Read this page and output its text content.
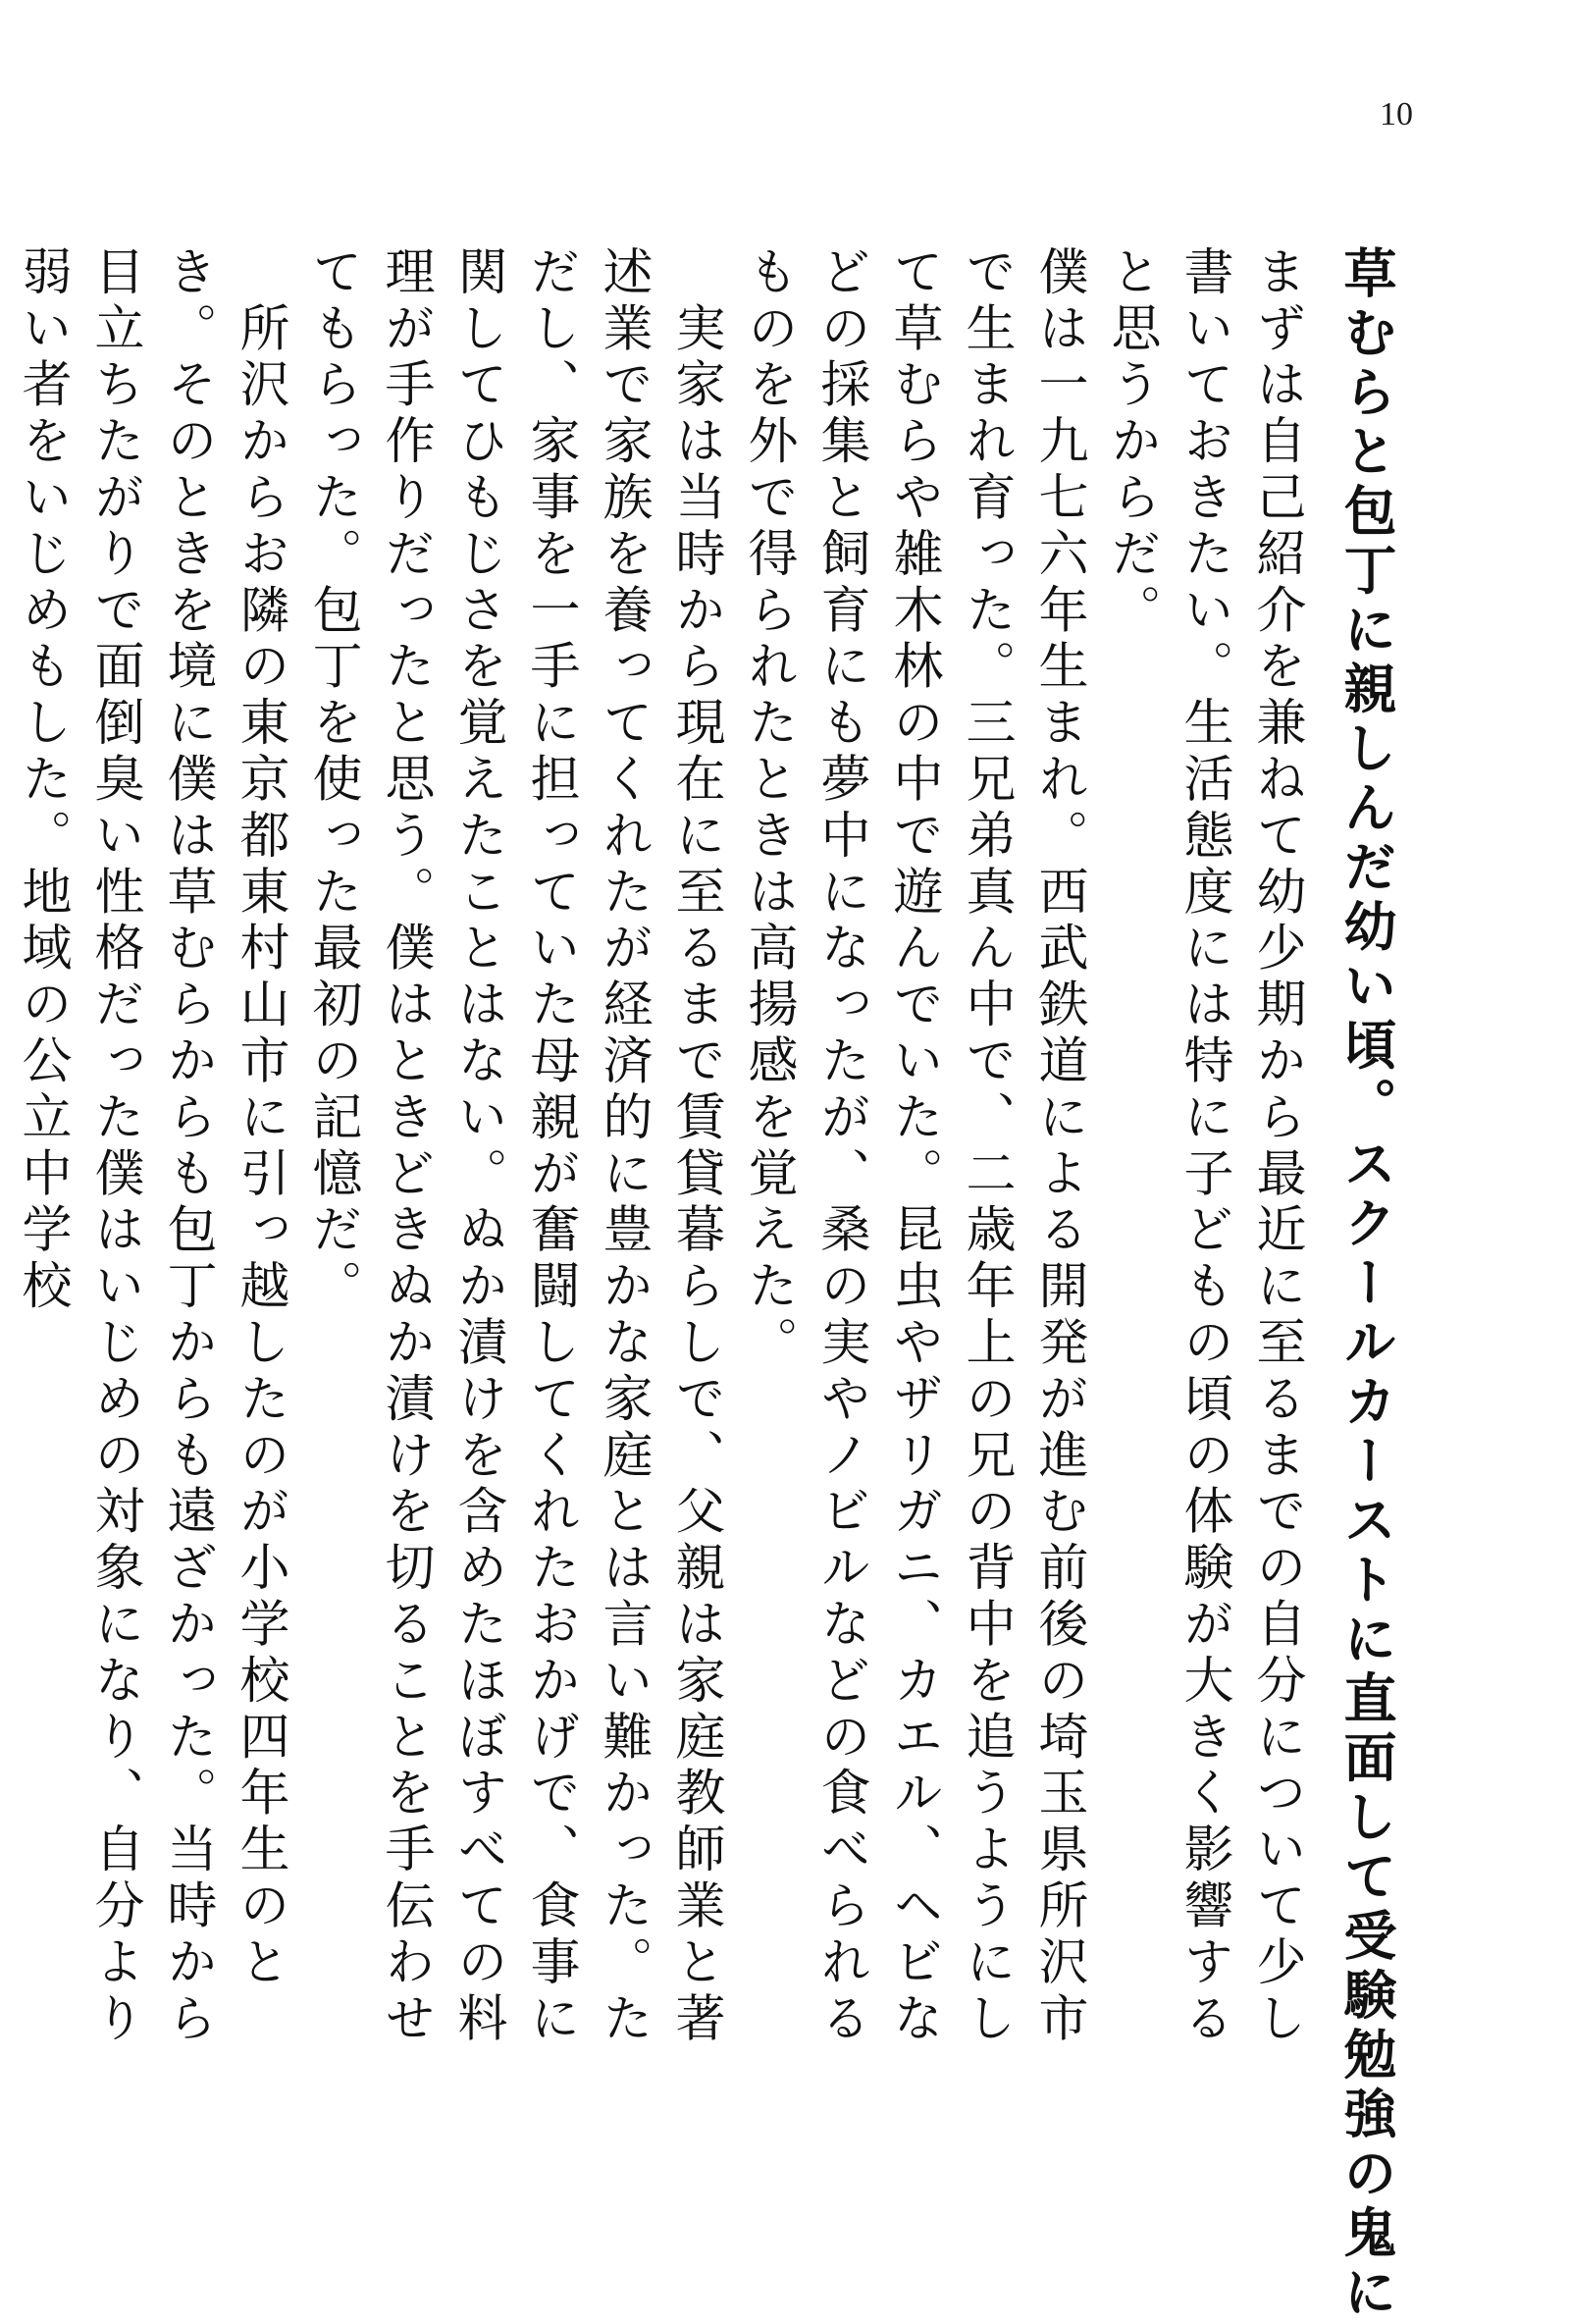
10

草むらと包丁に親しんだ幼い頃。スクールカーストに直面して受験勉強の鬼に

まずは自己紹介を兼ねて幼少期から最近に至るまでの自分について少し書いておきたい。生活態度には特に子どもの頃の体験が大きく影響すると思うからだ。

僕は一九七六年生まれ。西武鉄道による開発が進む前後の埼玉県所沢市で生まれ育った。三兄弟真ん中で、二歳年上の兄の背中を追うようにして草むらや雑木林の中で遊んでいた。昆虫やザリガニ、カエル、ヘビなどの採集と飼育にも夢中になったが、桑の実やノビルなどの食べられるものを外で得られたときは高揚感を覚えた。

　実家は当時から現在に至るまで賃貸暮らしで、父親は家庭教師業と著述業で家族を養ってくれたが経済的に豊かな家庭とは言い難かった。ただし、家事を一手に担っていた母親が奮闘してくれたおかげで、食事に関してひもじさを覚えたことはない。ぬか漬けを含めたほぼすべての料理が手作りだったと思う。僕はときどきぬか漬けを切ることを手伝わせてもらった。包丁を使った最初の記憶だ。

　所沢からお隣の東京都東村山市に引っ越したのが小学校四年生のとき。そのときを境に僕は草むらからも包丁からも遠ざかった。当時から目立ちたがりで面倒臭い性格だった僕はいじめの対象になり、自分より弱い者をいじめもした。地域の公立中学校
